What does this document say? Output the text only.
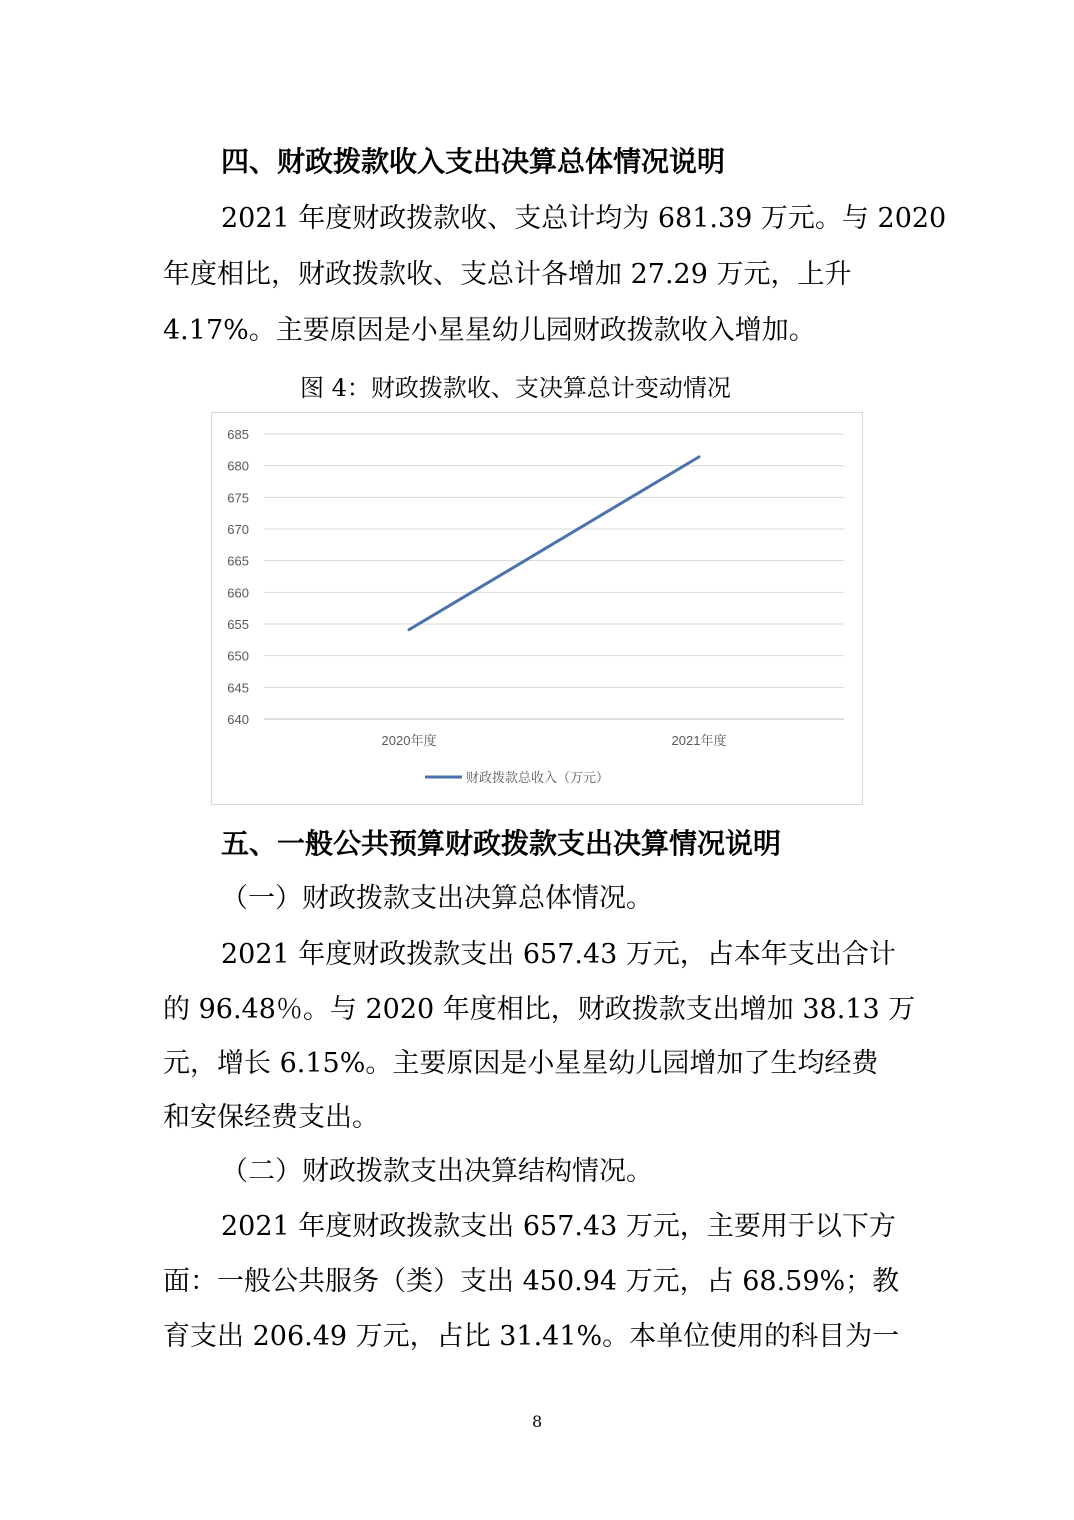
四、财政拨款收入支出决算总体情况说明

2021 年度财政拨款收、支总计均为 681.39 万元。与 2020

年度相比，财政拨款收、支总计各增加 27.29 万元，上升

4.17%。主要原因是小星星幼儿园财政拨款收入增加。

图 4：财政拨款收、支决算总计变动情况

640
645
650
655
660
665
670
675
680
685
2020年度	2021年度
财政拨款总收入（万元）
五、一般公共预算财政拨款支出决算情况说明

（一）财政拨款支出决算总体情况。

2021 年度财政拨款支出 657.43 万元，占本年支出合计

的 96.48％。与 2020 年度相比，财政拨款支出增加 38.13 万

元，增长 6.15%。主要原因是小星星幼儿园增加了生均经费

和安保经费支出。

（二）财政拨款支出决算结构情况。

2021 年度财政拨款支出 657.43 万元，主要用于以下方

面：一般公共服务（类）支出 450.94 万元，占 68.59%；教

育支出 206.49 万元，占比 31.41%。本单位使用的科目为一

8
